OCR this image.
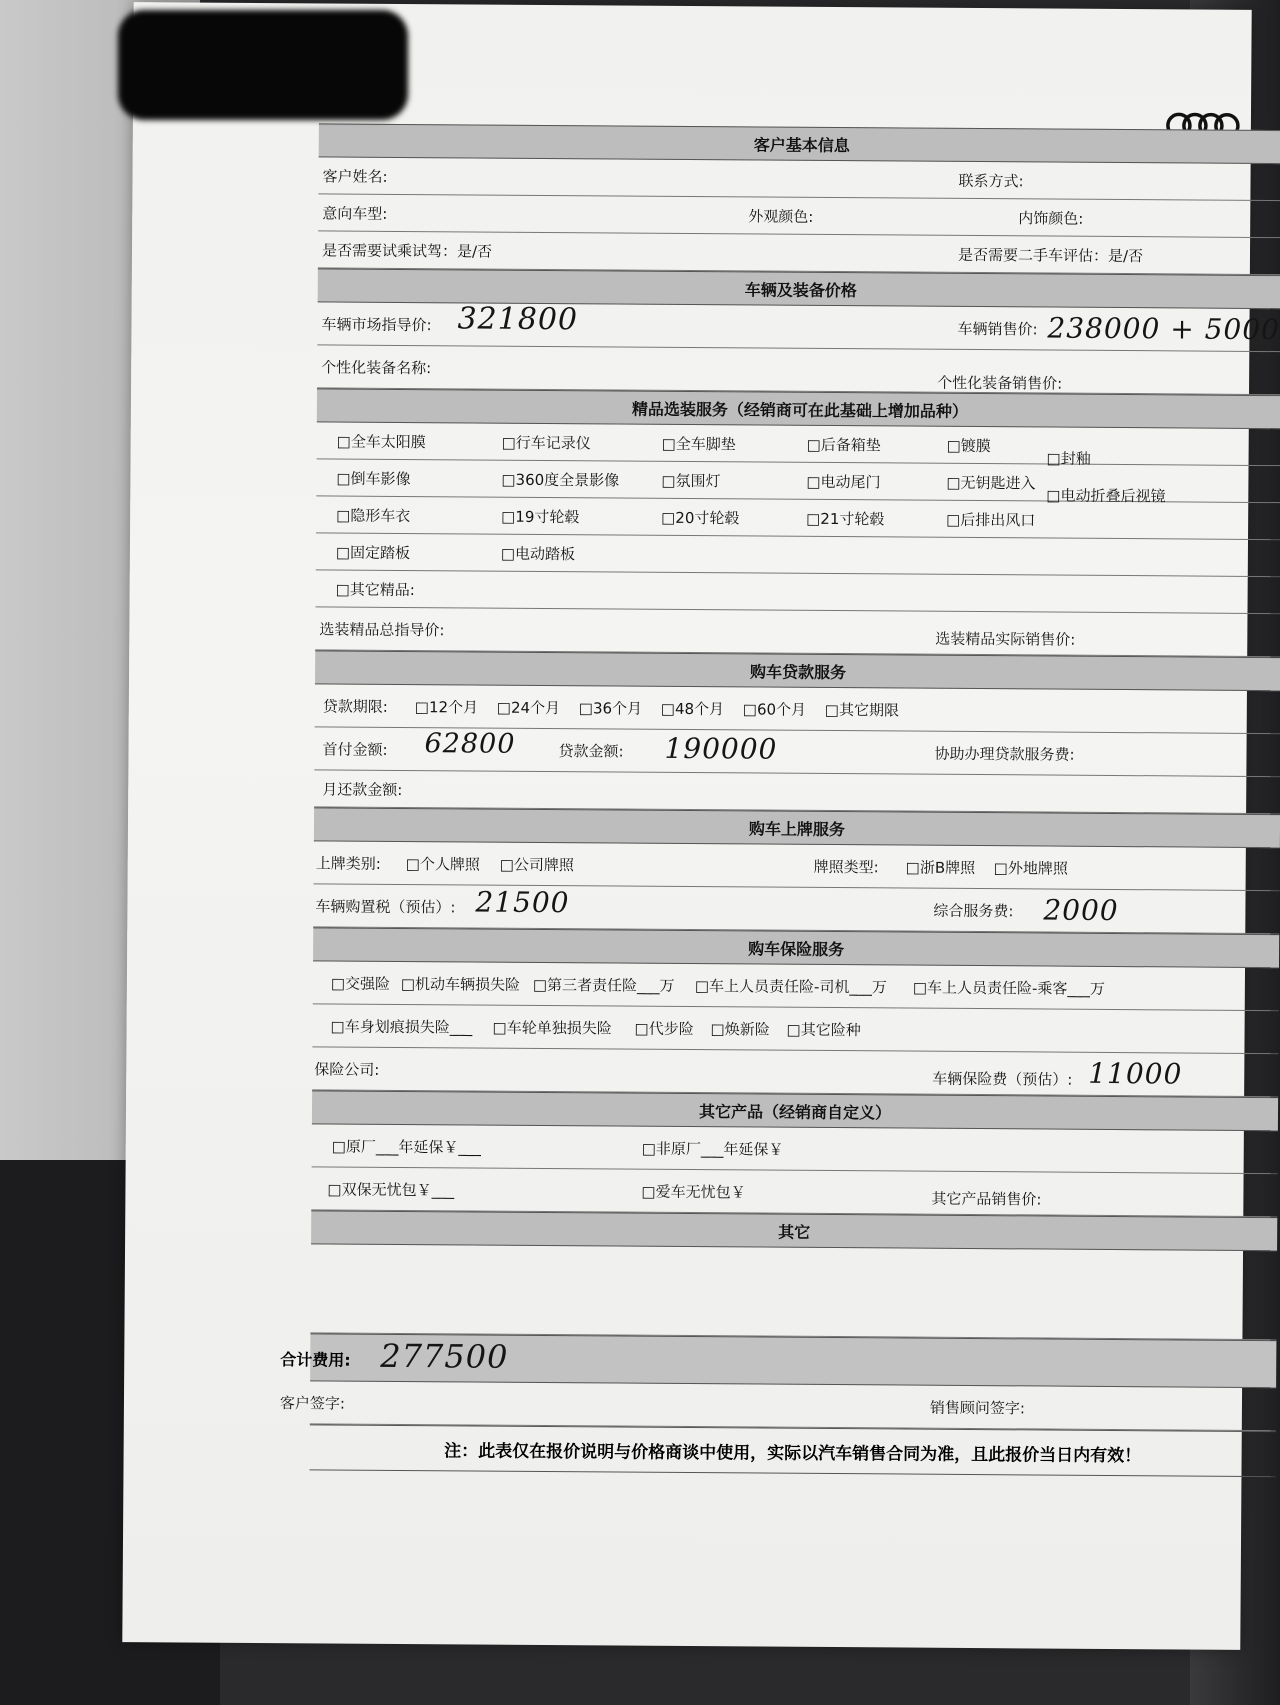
客户基本信息
客户姓名:	联系方式:
意向车型:	外观颜色:	内饰颜色:
是否需要试乘试驾：是/否	是否需要二手车评估：是/否
车辆及装备价格
车辆市场指导价: 321800	车辆销售价: 238000 + 5000
个性化装备名称:
个性化装备销售价:
精品选装服务（经销商可在此基础上增加品种）
□全车太阳膜	□行车记录仪	□全车脚垫	□后备箱垫	□镀膜
□封釉
□倒车影像	□360度全景影像	□氛围灯	□电动尾门	□无钥匙进入
□电动折叠后视镜
□隐形车衣	□19寸轮毂	□20寸轮毂	□21寸轮毂	□后排出风口
□固定踏板	□电动踏板
□其它精品:
选装精品总指导价:
选装精品实际销售价:
购车贷款服务
贷款期限: □12个月 □24个月 □36个月 □48个月 □60个月 □其它期限
首付金额: 62800	贷款金额: 190000	协助办理贷款服务费:
月还款金额:
购车上牌服务
上牌类别: □个人牌照 □公司牌照	牌照类型: □浙B牌照 □外地牌照
车辆购置税（预估）: 21500	综合服务费: 2000
购车保险服务
□交强险 □机动车辆损失险 □第三者责任险___万 □车上人员责任险-司机___万 □车上人员责任险-乘客___万
□车身划痕损失险___ □车轮单独损失险 □代步险 □焕新险 □其它险种
保险公司:
车辆保险费（预估）: 11000
其它产品（经销商自定义）
□原厂___年延保￥___	□非原厂___年延保￥
□双保无忧包￥___	□爱车无忧包￥	其它产品销售价:
其它
合计费用: 277500
客户签字:	销售顾问签字:
注：此表仅在报价说明与价格商谈中使用，实际以汽车销售合同为准，且此报价当日内有效！
